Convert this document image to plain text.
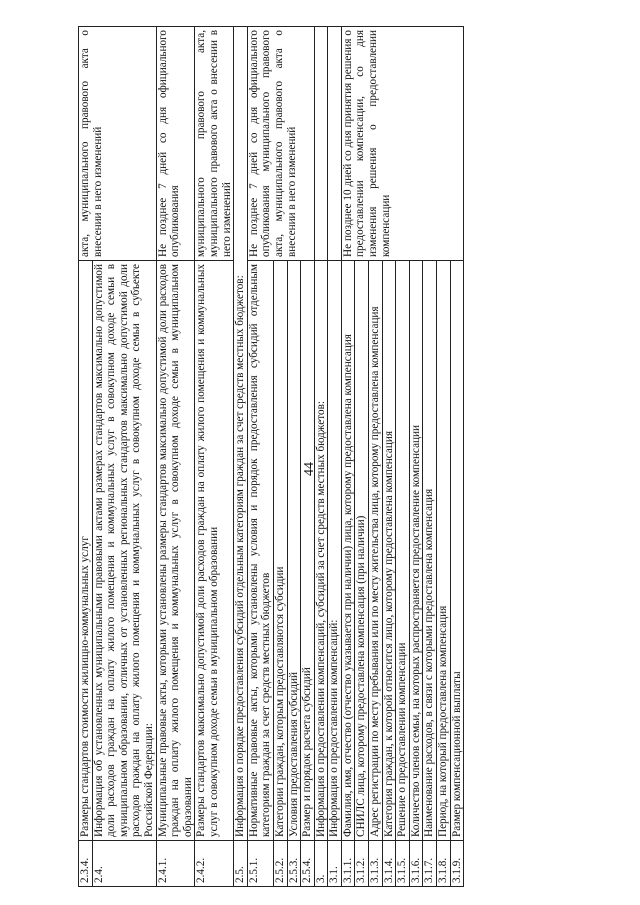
44
2.3.4.	Размеры стандартов стоимости жилищно-коммунальных услуг	акта, муниципального правового акта о внесении в него изменений
2.4.	Информация об установленных муниципальными правовыми актами размерах стандартов максимально допустимой доли расходов граждан на оплату жилого помещения и коммунальных услуг в совокупном доходе семьи в муниципальном образовании, отличных от установленных региональных стандартов максимально допустимой доли расходов граждан на оплату жилого помещения и коммунальных услуг в совокупном доходе семьи в субъекте Российской Федерации:	
2.4.1.	Муниципальные правовые акты, которыми установлены размеры стандартов максимально допустимой доли расходов граждан на оплату жилого помещения и коммунальных услуг в совокупном доходе семьи в муниципальном образовании	Не позднее 7 дней со дня официального опубликования
2.4.2.	Размеры стандартов максимально допустимой доли расходов граждан на оплату жилого помещения и коммунальных услуг в совокупном доходе семьи в муниципальном образовании	муниципального правового акта, муниципального правового акта о внесении в него изменений
2.5.	Информация о порядке предоставления субсидий отдельным категориям граждан за счет средств местных бюджетов:	
2.5.1.	Нормативные правовые акты, которыми установлены условия и порядок предоставления субсидий отдельным категориям граждан за счет средств местных бюджетов	Не позднее 7 дней со дня официального опубликования муниципального правового акта, муниципального правового акта о внесении в него изменений
2.5.2.	Категории граждан, которым предоставляются субсидии	
2.5.3.	Условия предоставления субсидий	
2.5.4.	Размер и порядок расчета субсидий	
3.	Информация о предоставлении компенсаций, субсидий за счет средств местных бюджетов:	
3.1.	Информация о предоставлении компенсаций:	
3.1.1.	Фамилия, имя, отчество (отчество указывается при наличии) лица, которому предоставлена компенсация	Не позднее 10 дней со дня принятия решения о предоставлении компенсации, со дня изменения решения о предоставлении компенсации
3.1.2.	СНИЛС лица, которому предоставлена компенсация (при наличии)	
3.1.3.	Адрес регистрации по месту пребывания или по месту жительства лица, которому предоставлена компенсация	
3.1.4.	Категория граждан, к которой относится лицо, которому предоставлена компенсация	
3.1.5.	Решение о предоставлении компенсации	
3.1.6.	Количество членов семьи, на которых распространяется предоставление компенсации	
3.1.7.	Наименование расходов, в связи с которыми предоставлена компенсация	
3.1.8.	Период, на который предоставлена компенсация	
3.1.9.	Размер компенсационной выплаты	
